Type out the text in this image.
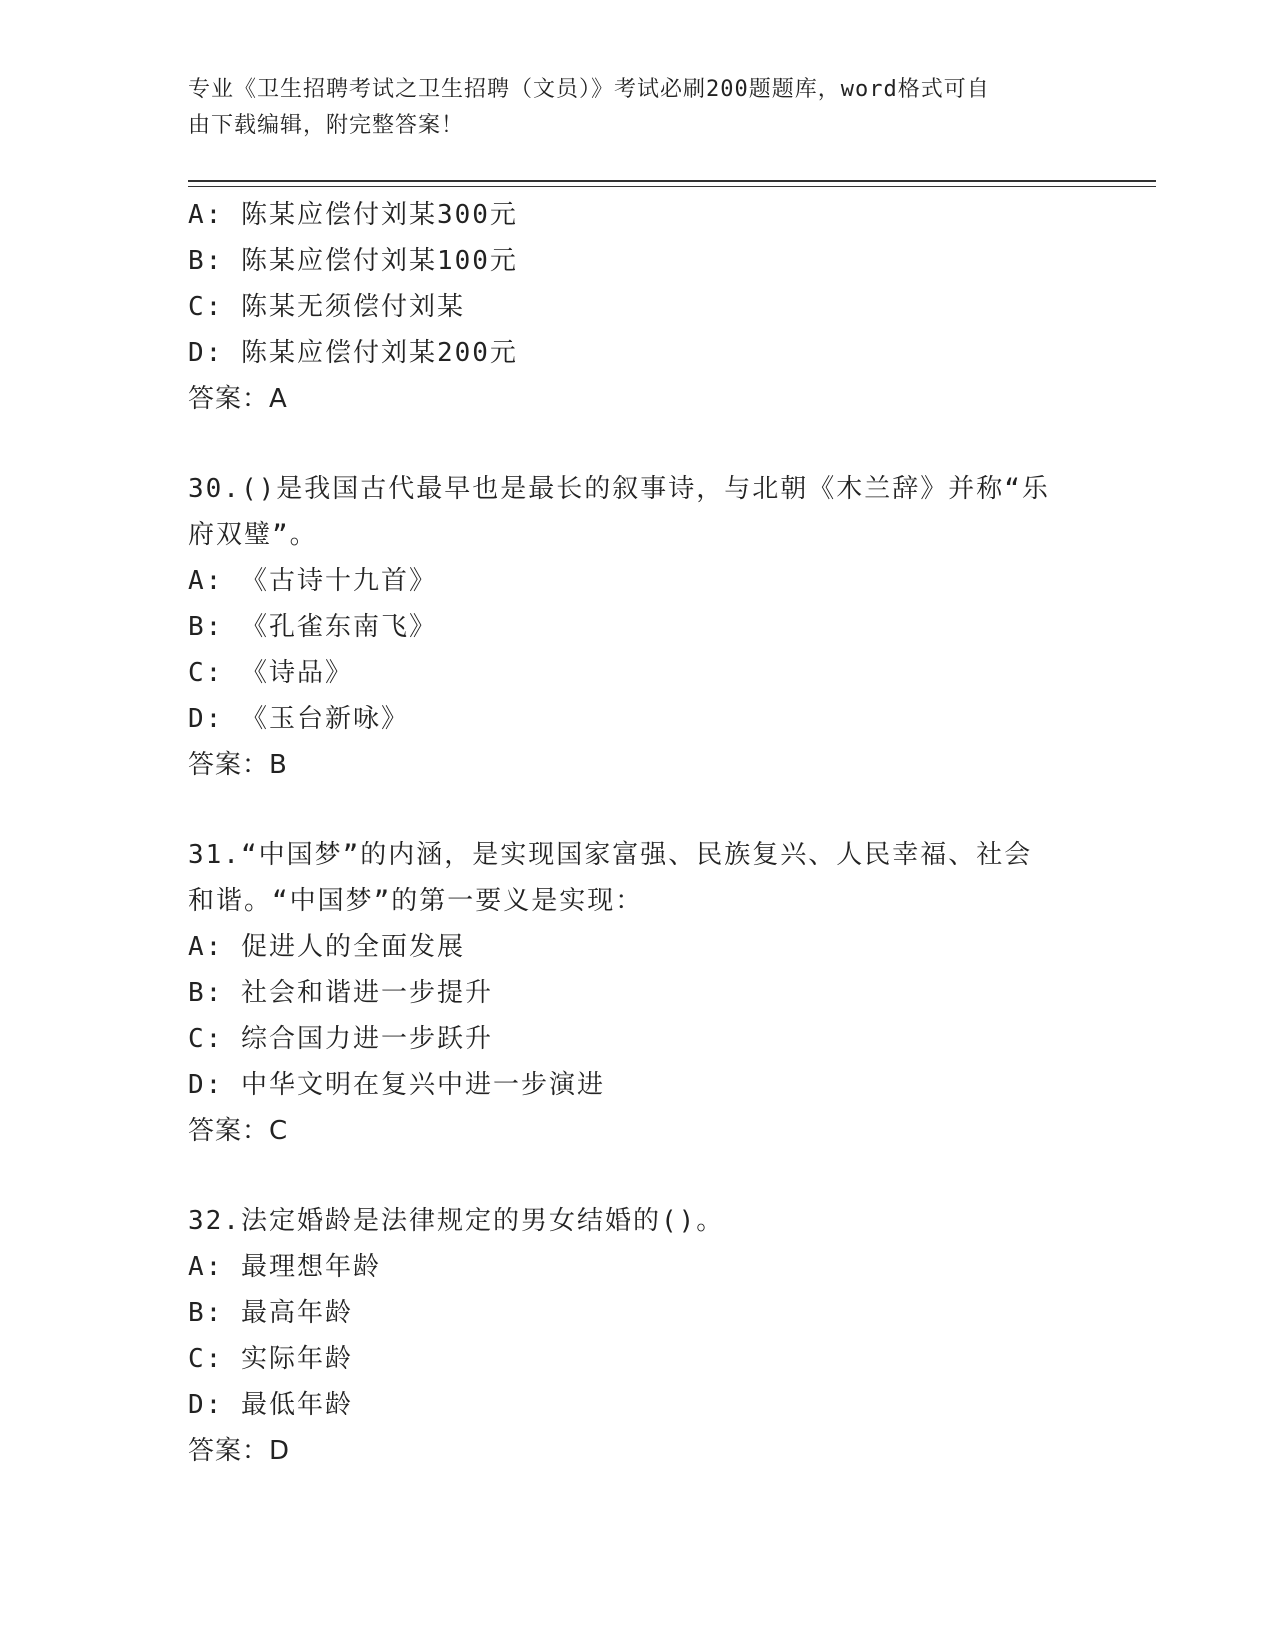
专业《卫生招聘考试之卫生招聘（文员）》考试必刷200题题库，word格式可自
由下载编辑，附完整答案！
A: 陈某应偿付刘某300元
B: 陈某应偿付刘某100元
C: 陈某无须偿付刘某
D: 陈某应偿付刘某200元
答案：A
30.()是我国古代最早也是最长的叙事诗，与北朝《木兰辞》并称“乐
府双璧”。
A: 《古诗十九首》
B: 《孔雀东南飞》
C: 《诗品》
D: 《玉台新咏》
答案：B
31.“中国梦”的内涵，是实现国家富强、民族复兴、人民幸福、社会
和谐。“中国梦”的第一要义是实现：
A: 促进人的全面发展
B: 社会和谐进一步提升
C: 综合国力进一步跃升
D: 中华文明在复兴中进一步演进
答案：C
32.法定婚龄是法律规定的男女结婚的()。
A: 最理想年龄
B: 最高年龄
C: 实际年龄
D: 最低年龄
答案：D
